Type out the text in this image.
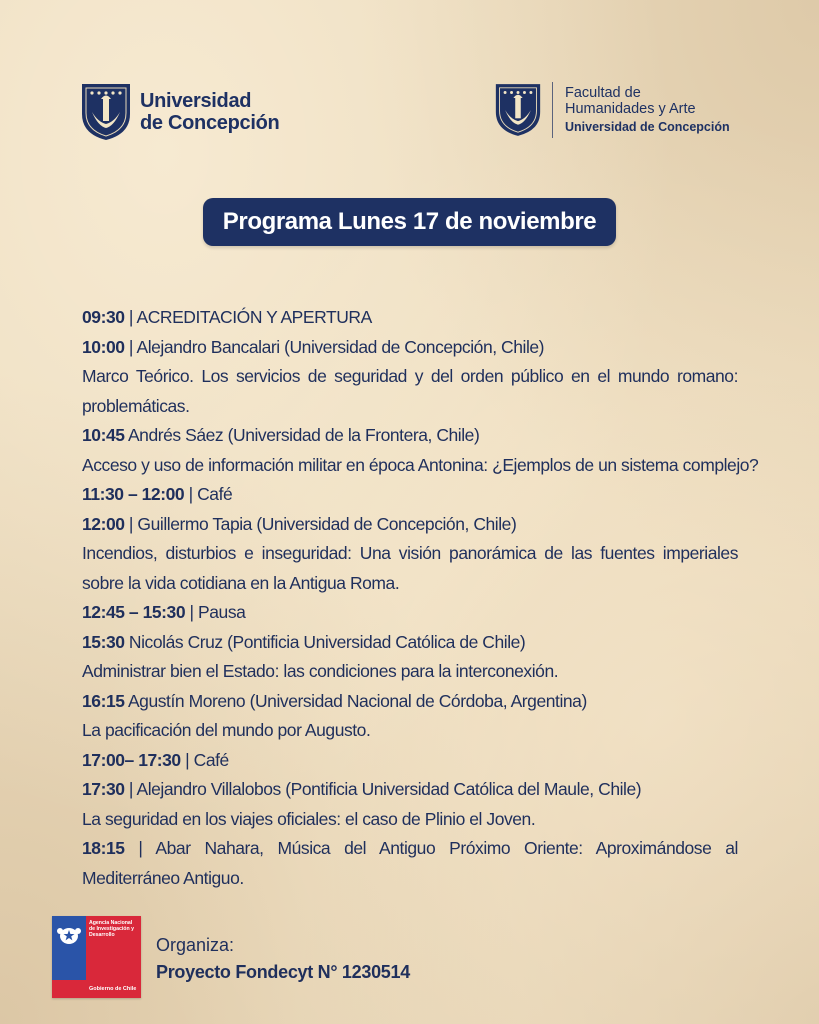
Universidad
de Concepción
Facultad de
Humanidades y Arte
Universidad de Concepción
Programa Lunes 17 de noviembre
09:30 | ACREDITACIÓN Y APERTURA
10:00 | Alejandro Bancalari (Universidad de Concepción, Chile)
Marco Teórico. Los servicios de seguridad y del orden público en el mundo romano: problemáticas.
10:45 Andrés Sáez (Universidad de la Frontera, Chile)
Acceso y uso de información militar en época Antonina: ¿Ejemplos de un sistema complejo?
11:30 – 12:00 | Café
12:00 | Guillermo Tapia (Universidad de Concepción, Chile)
Incendios, disturbios e inseguridad: Una visión panorámica de las fuentes imperiales sobre la vida cotidiana en la Antigua Roma.
12:45 – 15:30 | Pausa
15:30 Nicolás Cruz (Pontificia Universidad Católica de Chile)
Administrar bien el Estado: las condiciones para la interconexión.
16:15 Agustín Moreno (Universidad Nacional de Córdoba, Argentina)
La pacificación del mundo por Augusto.
17:00– 17:30 | Café
17:30 | Alejandro Villalobos (Pontificia Universidad Católica del Maule, Chile)
La seguridad en los viajes oficiales: el caso de Plinio el Joven.
18:15 | Abar Nahara, Música del Antiguo Próximo Oriente: Aproximándose al Mediterráneo Antiguo.
Agencia Nacional de Investigación y Desarrollo
Gobierno de Chile
Organiza:
Proyecto Fondecyt N° 1230514
